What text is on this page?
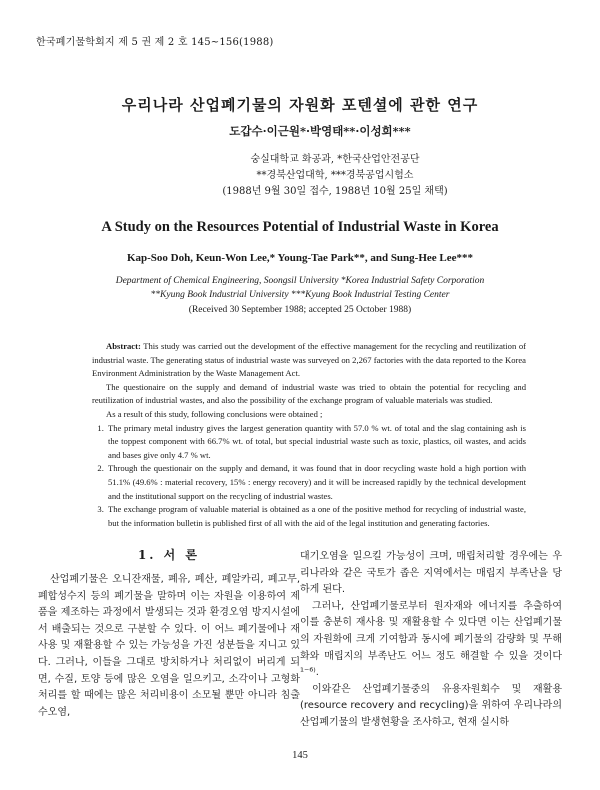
한국폐기물학회지 제 5 권 제 2 호 145~156(1988)
우리나라 산업폐기물의 자원화 포텐셜에 관한 연구
도갑수·이근원*·박영태**·이성희***
숭실대학교 화공과, *한국산업안전공단
**경북산업대학, ***경북공업시험소
(1988년 9월 30일 접수, 1988년 10월 25일 채택)
A Study on the Resources Potential of Industrial Waste in Korea
Kap-Soo Doh, Keun-Won Lee,* Young-Tae Park**, and Sung-Hee Lee***
Department of Chemical Engineering, Soongsil University *Korea Industrial Safety Corporation
**Kyung Book Industrial University ***Kyung Book Industrial Testing Center
(Received 30 September 1988; accepted 25 October 1988)

Abstract: This study was carried out the development of the effective management for the recycling and reutilization of industrial waste. The generating status of industrial waste was surveyed on 2,267 factories with the data reported to the Korea Environment Administration by the Waste Management Act.

The questionaire on the supply and demand of industrial waste was tried to obtain the potential for recycling and reutilization of industrial wastes, and also the possibility of the exchange program of valuable materials was studied.

As a result of this study, following conclusions were obtained ;

1. The primary metal industry gives the largest generation quantity with 57.0 % wt. of total and the slag containing ash is the toppest component with 66.7% wt. of total, but special industrial waste such as toxic, plastics, oil wastes, and acids and bases give only 4.7 % wt.
2. Through the questionair on the supply and demand, it was found that in door recycling waste hold a high portion with 51.1% (49.6% : material recovery, 15% : energy recovery) and it will be increased rapidly by the technical development and the institutional support on the recycling of industrial wastes.
3. The exchange program of valuable material is obtained as a one of the positive method for recycling of industrial waste, but the information bulletin is published first of all with the aid of the legal institution and generating factories.
1. 서 론

산업폐기물은 오니잔재물, 폐유, 폐산, 폐알카리, 폐고무, 폐합성수지 등의 폐기물을 말하며 이는 자원을 이용하여 제품을 제조하는 과정에서 발생되는 것과 환경오염 방지시설에서 배출되는 것으로 구분할 수 있다. 이 어느 폐기물에나 재사용 및 재활용할 수 있는 가능성을 가진 성분들을 지니고 있다. 그러나, 이들을 그대로 방치하거나 처리없이 버리게 되면, 수질, 토양 등에 많은 오염을 일으키고, 소각이나 고형화 처리를 할 때에는 많은 처리비용이 소모될 뿐만 아니라 침출수오염,

대기오염을 일으킬 가능성이 크며, 매립처리할 경우에는 우리나라와 같은 국토가 좁은 지역에서는 매립지 부족난을 당하게 된다.

그러나, 산업폐기물로부터 원자재와 에너지를 추출하여 이를 충분히 재사용 및 재활용할 수 있다면 이는 산업폐기물의 자원화에 크게 기여함과 동시에 폐기물의 감량화 및 무해화와 매립지의 부족난도 어느 정도 해결할 수 있을 것이다¹⁻⁶⁾.

이와같은 산업폐기물중의 유용자원회수 및 재활용 (resource recovery and recycling)을 위하여 우리나라의 산업폐기물의 발생현황을 조사하고, 현재 실시하

145
